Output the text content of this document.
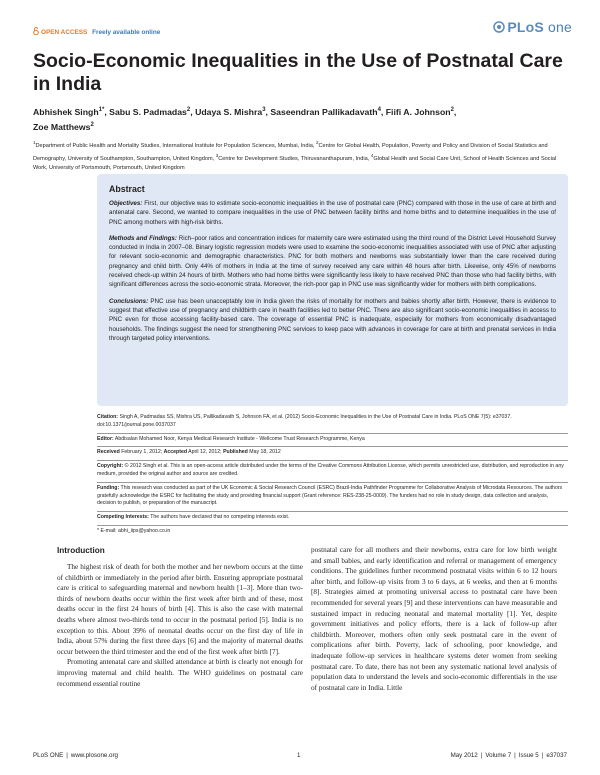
OPEN ACCESS Freely available online	PLoS one
Socio-Economic Inequalities in the Use of Postnatal Care in India
Abhishek Singh$^{1*}$, Sabu S. Padmadas$^2$, Udaya S. Mishra$^3$, Saseendran Pallikadavath$^4$, Fiifi A. Johnson$^2$,
Zoe Matthews$^2$
$^1$Department of Public Health and Mortality Studies, International Institute for Population Sciences, Mumbai, India, $^2$Centre for Global Health, Population, Poverty and Policy and Division of Social Statistics and Demography, University of Southampton, Southampton, United Kingdom, $^3$Centre for Development Studies, Thiruvananthapuram, India, $^4$Global Health and Social Care Unit, School of Health Sciences and Social Work, University of Portsmouth, Portsmouth, United Kingdom
Abstract

Objectives: First, our objective was to estimate socio-economic inequalities in the use of postnatal care (PNC) compared with those in the use of care at birth and antenatal care. Second, we wanted to compare inequalities in the use of PNC between facility births and home births and to determine inequalities in the use of PNC among mothers with high-risk births.

Methods and Findings: Rich–poor ratios and concentration indices for maternity care were estimated using the third round of the District Level Household Survey conducted in India in 2007–08. Binary logistic regression models were used to examine the socio-economic inequalities associated with use of PNC after adjusting for relevant socio-economic and demographic characteristics. PNC for both mothers and newborns was substantially lower than the care received during pregnancy and child birth. Only 44% of mothers in India at the time of survey received any care within 48 hours after birth. Likewise, only 45% of newborns received check-up within 24 hours of birth. Mothers who had home births were significantly less likely to have received PNC than those who had facility births, with significant differences across the socio-economic strata. Moreover, the rich-poor gap in PNC use was significantly wider for mothers with birth complications.

Conclusions: PNC use has been unacceptably low in India given the risks of mortality for mothers and babies shortly after birth. However, there is evidence to suggest that effective use of pregnancy and childbirth care in health facilities led to better PNC. There are also significant socio-economic inequalities in access to PNC even for those accessing facility-based care. The coverage of essential PNC is inadequate, especially for mothers from economically disadvantaged households. The findings suggest the need for strengthening PNC services to keep pace with advances in coverage for care at birth and prenatal services in India through targeted policy interventions.

Citation: Singh A, Padmadas SS, Mishra US, Pallikadavath S, Johnson FA, et al. (2012) Socio-Economic Inequalities in the Use of Postnatal Care in India. PLoS ONE 7(5): e37037. doi:10.1371/journal.pone.0037037
Editor: Abdisalan Mohamed Noor, Kenya Medical Research Institute - Wellcome Trust Research Programme, Kenya
Received February 1, 2012; Accepted April 12, 2012; Published May 18, 2012
Copyright: © 2012 Singh et al. This is an open-access article distributed under the terms of the Creative Commons Attribution License, which permits unrestricted use, distribution, and reproduction in any medium, provided the original author and source are credited.
Funding: This research was conducted as part of the UK Economic & Social Research Council (ESRC) Brazil-India Pathfinder Programme for Collaborative Analysis of Microdata Resources. The authors gratefully acknowledge the ESRC for facilitating the study and providing financial support (Grant reference: RES-238-25-0009). The funders had no role in study design, data collection and analysis, decision to publish, or preparation of the manuscript.
Competing Interests: The authors have declared that no competing interests exist.
* E-mail: abhi_iips@yahoo.co.in
Introduction

The highest risk of death for both the mother and her newborn occurs at the time of childbirth or immediately in the period after birth. Ensuring appropriate postnatal care is critical to safeguarding maternal and newborn health [1–3]. More than two-thirds of newborn deaths occur within the first week after birth and of these, most deaths occur in the first 24 hours of birth [4]. This is also the case with maternal deaths where almost two-thirds tend to occur in the postnatal period [5]. India is no exception to this. About 39% of neonatal deaths occur on the first day of life in India, about 57% during the first three days [6] and the majority of maternal deaths occur between the third trimester and the end of the first week after birth [7].

Promoting antenatal care and skilled attendance at birth is clearly not enough for improving maternal and child health. The WHO guidelines on postnatal care recommend essential routine

postnatal care for all mothers and their newborns, extra care for low birth weight and small babies, and early identification and referral or management of emergency conditions. The guidelines further recommend postnatal visits within 6 to 12 hours after birth, and follow-up visits from 3 to 6 days, at 6 weeks, and then at 6 months [8]. Strategies aimed at promoting universal access to postnatal care have been recommended for several years [9] and these interventions can have measurable and sustained impact in reducing neonatal and maternal mortality [1]. Yet, despite government initiatives and policy efforts, there is a lack of follow-up after childbirth. Moreover, mothers often only seek postnatal care in the event of complications after birth. Poverty, lack of schooling, poor knowledge, and inadequate follow-up services in healthcare systems deter women from seeking postnatal care. To date, there has not been any systematic national level analysis of population data to understand the levels and socio-economic differentials in the use of postnatal care in India. Little

PLoS ONE | www.plosone.org	1	May 2012 | Volume 7 | Issue 5 | e37037
